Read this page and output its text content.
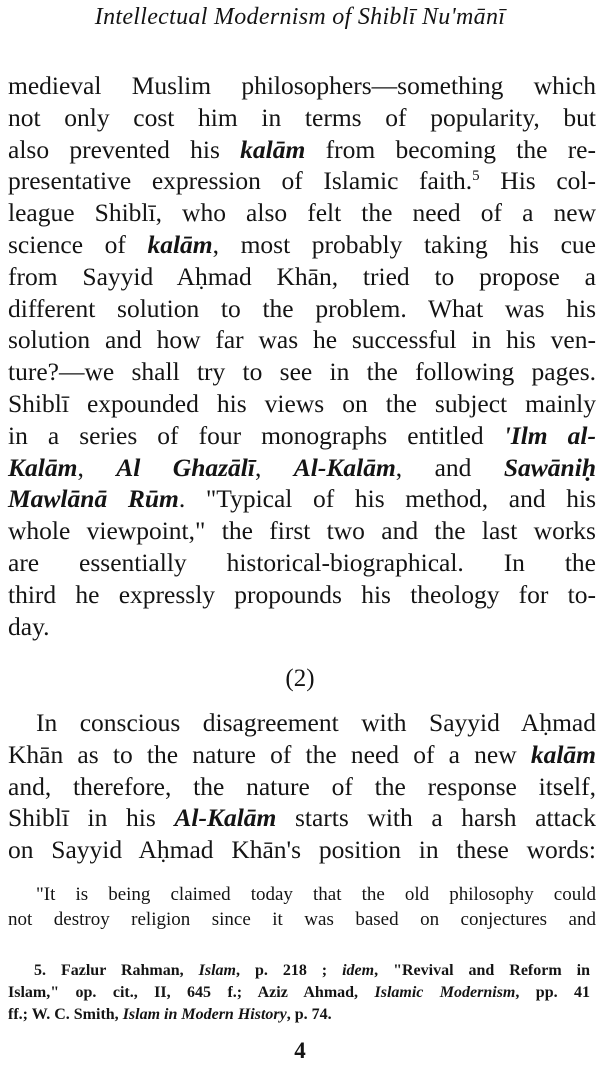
Intellectual Modernism of Shiblī Nu'mānī
medieval Muslim philosophers—something which
not only cost him in terms of popularity, but
also prevented his kalām from becoming the re-
presentative expression of Islamic faith.$^5$ His col-
league Shiblī, who also felt the need of a new
science of kalām, most probably taking his cue
from Sayyid Aḥmad Khān, tried to propose a
different solution to the problem. What was his
solution and how far was he successful in his ven-
ture?—we shall try to see in the following pages.
Shiblī expounded his views on the subject mainly
in a series of four monographs entitled 'Ilm al-
Kalām, Al Ghazālī, Al-Kalām, and Sawāniḥ
Mawlānā Rūm. "Typical of his method, and his
whole viewpoint," the first two and the last works
are essentially historical-biographical. In the
third he expressly propounds his theology for to-
day.
(2)
In conscious disagreement with Sayyid Aḥmad
Khān as to the nature of the need of a new kalām
and, therefore, the nature of the response itself,
Shiblī in his Al-Kalām starts with a harsh attack
on Sayyid Aḥmad Khān's position in these words:
"It is being claimed today that the old philosophy could
not destroy religion since it was based on conjectures and
5. Fazlur Rahman, Islam, p. 218 ; idem, "Revival and Reform in
Islam," op. cit., II, 645 f.; Aziz Ahmad, Islamic Modernism, pp. 41
ff.; W. C. Smith, Islam in Modern History, p. 74.
4
